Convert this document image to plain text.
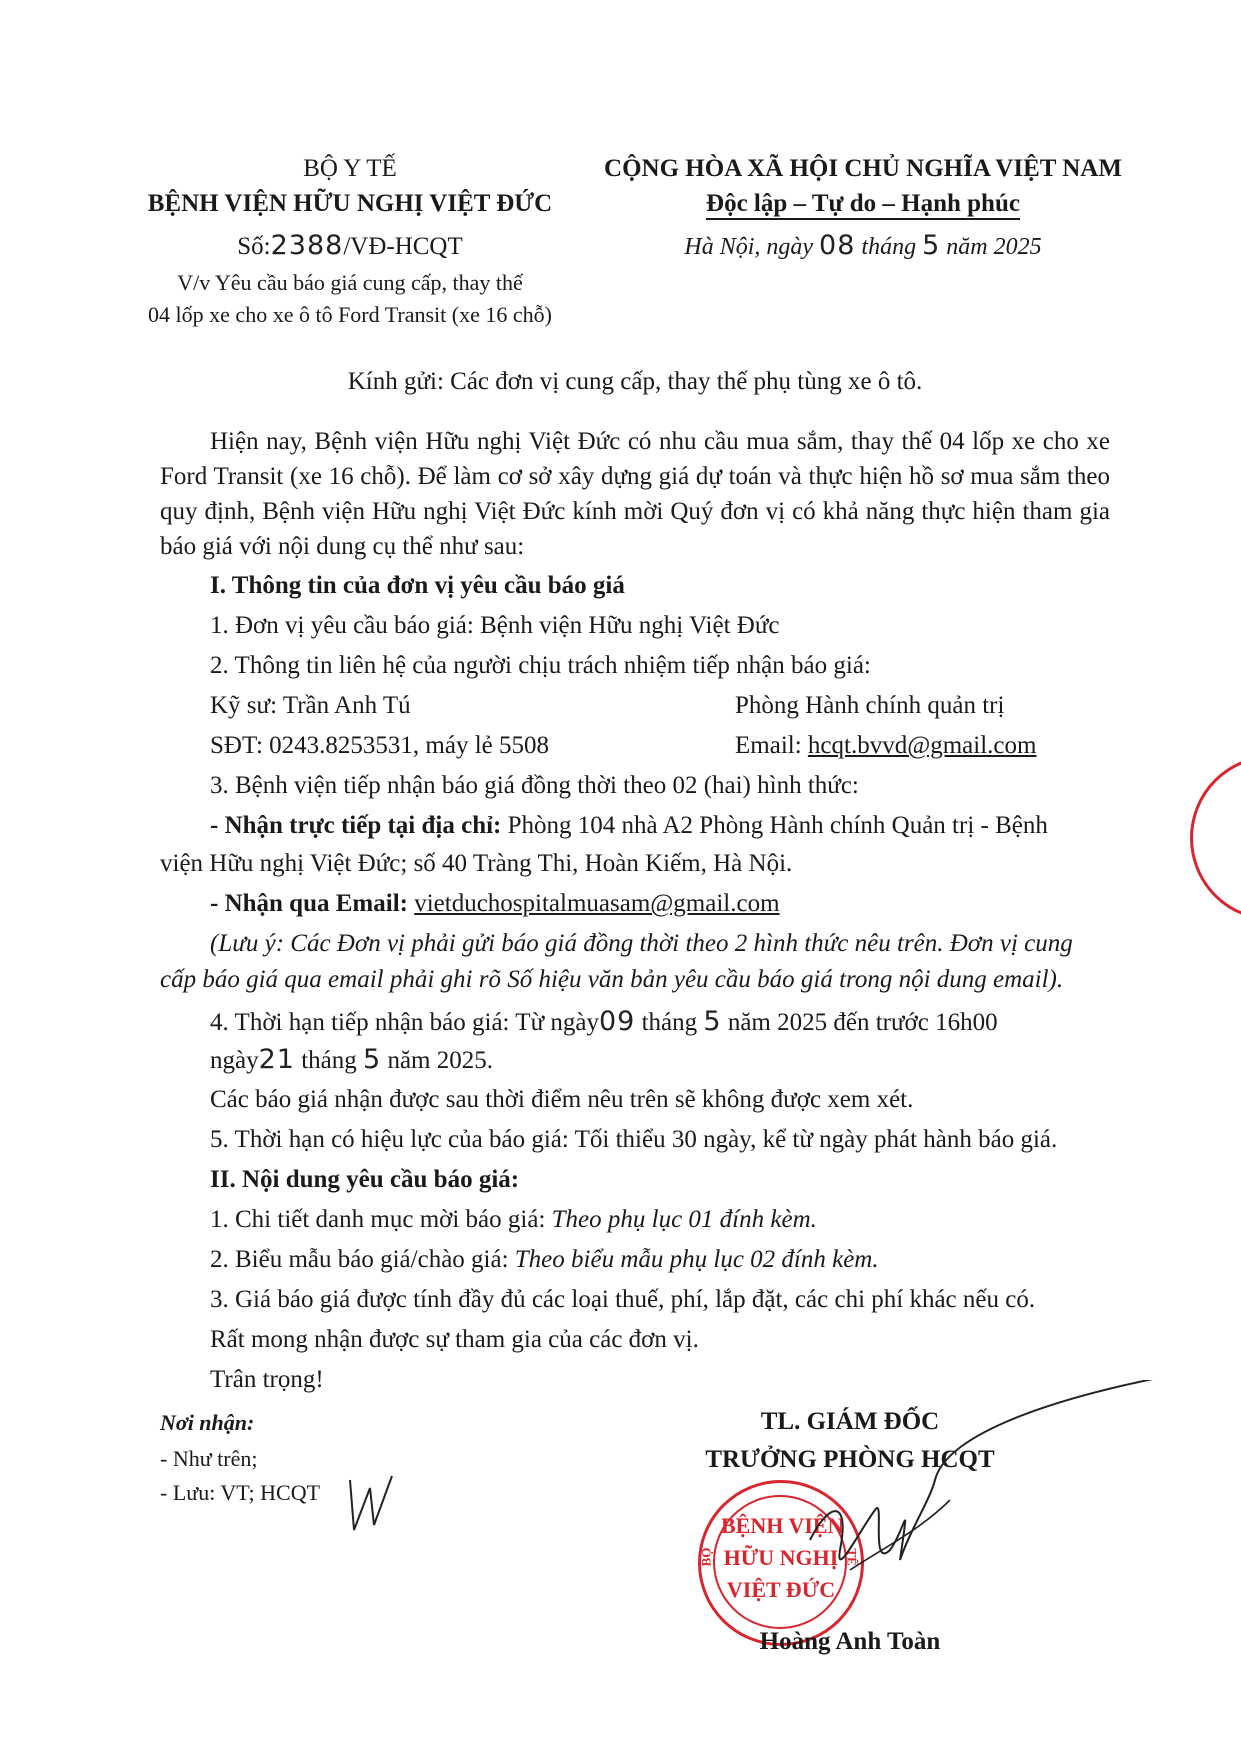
BỘ Y TẾ
BỆNH VIỆN HỮU NGHỊ VIỆT ĐỨC
Số:2388/VĐ-HCQT
V/v Yêu cầu báo giá cung cấp, thay thế
04 lốp xe cho xe ô tô Ford Transit (xe 16 chỗ)
CỘNG HÒA XÃ HỘI CHỦ NGHĨA VIỆT NAM
Độc lập – Tự do – Hạnh phúc
Hà Nội, ngày 08 tháng 5 năm 2025
Kính gửi: Các đơn vị cung cấp, thay thế phụ tùng xe ô tô.
Hiện nay, Bệnh viện Hữu nghị Việt Đức có nhu cầu mua sắm, thay thế 04 lốp xe cho xe Ford Transit (xe 16 chỗ). Để làm cơ sở xây dựng giá dự toán và thực hiện hồ sơ mua sắm theo quy định, Bệnh viện Hữu nghị Việt Đức kính mời Quý đơn vị có khả năng thực hiện tham gia báo giá với nội dung cụ thể như sau:
I. Thông tin của đơn vị yêu cầu báo giá
1. Đơn vị yêu cầu báo giá: Bệnh viện Hữu nghị Việt Đức
2. Thông tin liên hệ của người chịu trách nhiệm tiếp nhận báo giá:
Kỹ sư: Trần Anh Tú	Phòng Hành chính quản trị
SĐT: 0243.8253531, máy lẻ 5508	Email: hcqt.bvvd@gmail.com
3. Bệnh viện tiếp nhận báo giá đồng thời theo 02 (hai) hình thức:
- Nhận trực tiếp tại địa chỉ: Phòng 104 nhà A2 Phòng Hành chính Quản trị - Bệnh
viện Hữu nghị Việt Đức; số 40 Tràng Thi, Hoàn Kiếm, Hà Nội.
- Nhận qua Email: vietduchospitalmuasam@gmail.com
(Lưu ý: Các Đơn vị phải gửi báo giá đồng thời theo 2 hình thức nêu trên. Đơn vị cung
cấp báo giá qua email phải ghi rõ Số hiệu văn bản yêu cầu báo giá trong nội dung email).
4. Thời hạn tiếp nhận báo giá: Từ ngày09 tháng 5 năm 2025 đến trước 16h00
ngày21 tháng 5 năm 2025.
Các báo giá nhận được sau thời điểm nêu trên sẽ không được xem xét.
5. Thời hạn có hiệu lực của báo giá: Tối thiểu 30 ngày, kể từ ngày phát hành báo giá.
II. Nội dung yêu cầu báo giá:
1. Chi tiết danh mục mời báo giá: Theo phụ lục 01 đính kèm.
2. Biểu mẫu báo giá/chào giá: Theo biểu mẫu phụ lục 02 đính kèm.
3. Giá báo giá được tính đầy đủ các loại thuế, phí, lắp đặt, các chi phí khác nếu có.
Rất mong nhận được sự tham gia của các đơn vị.
Trân trọng!
Nơi nhận:
- Như trên;
- Lưu: VT; HCQT
TL. GIÁM ĐỐC
TRƯỞNG PHÒNG HCQT
BỆNH VIỆN
HỮU NGHỊ
VIỆT ĐỨC
BỘ	TẾ
Hoàng Anh Toàn
